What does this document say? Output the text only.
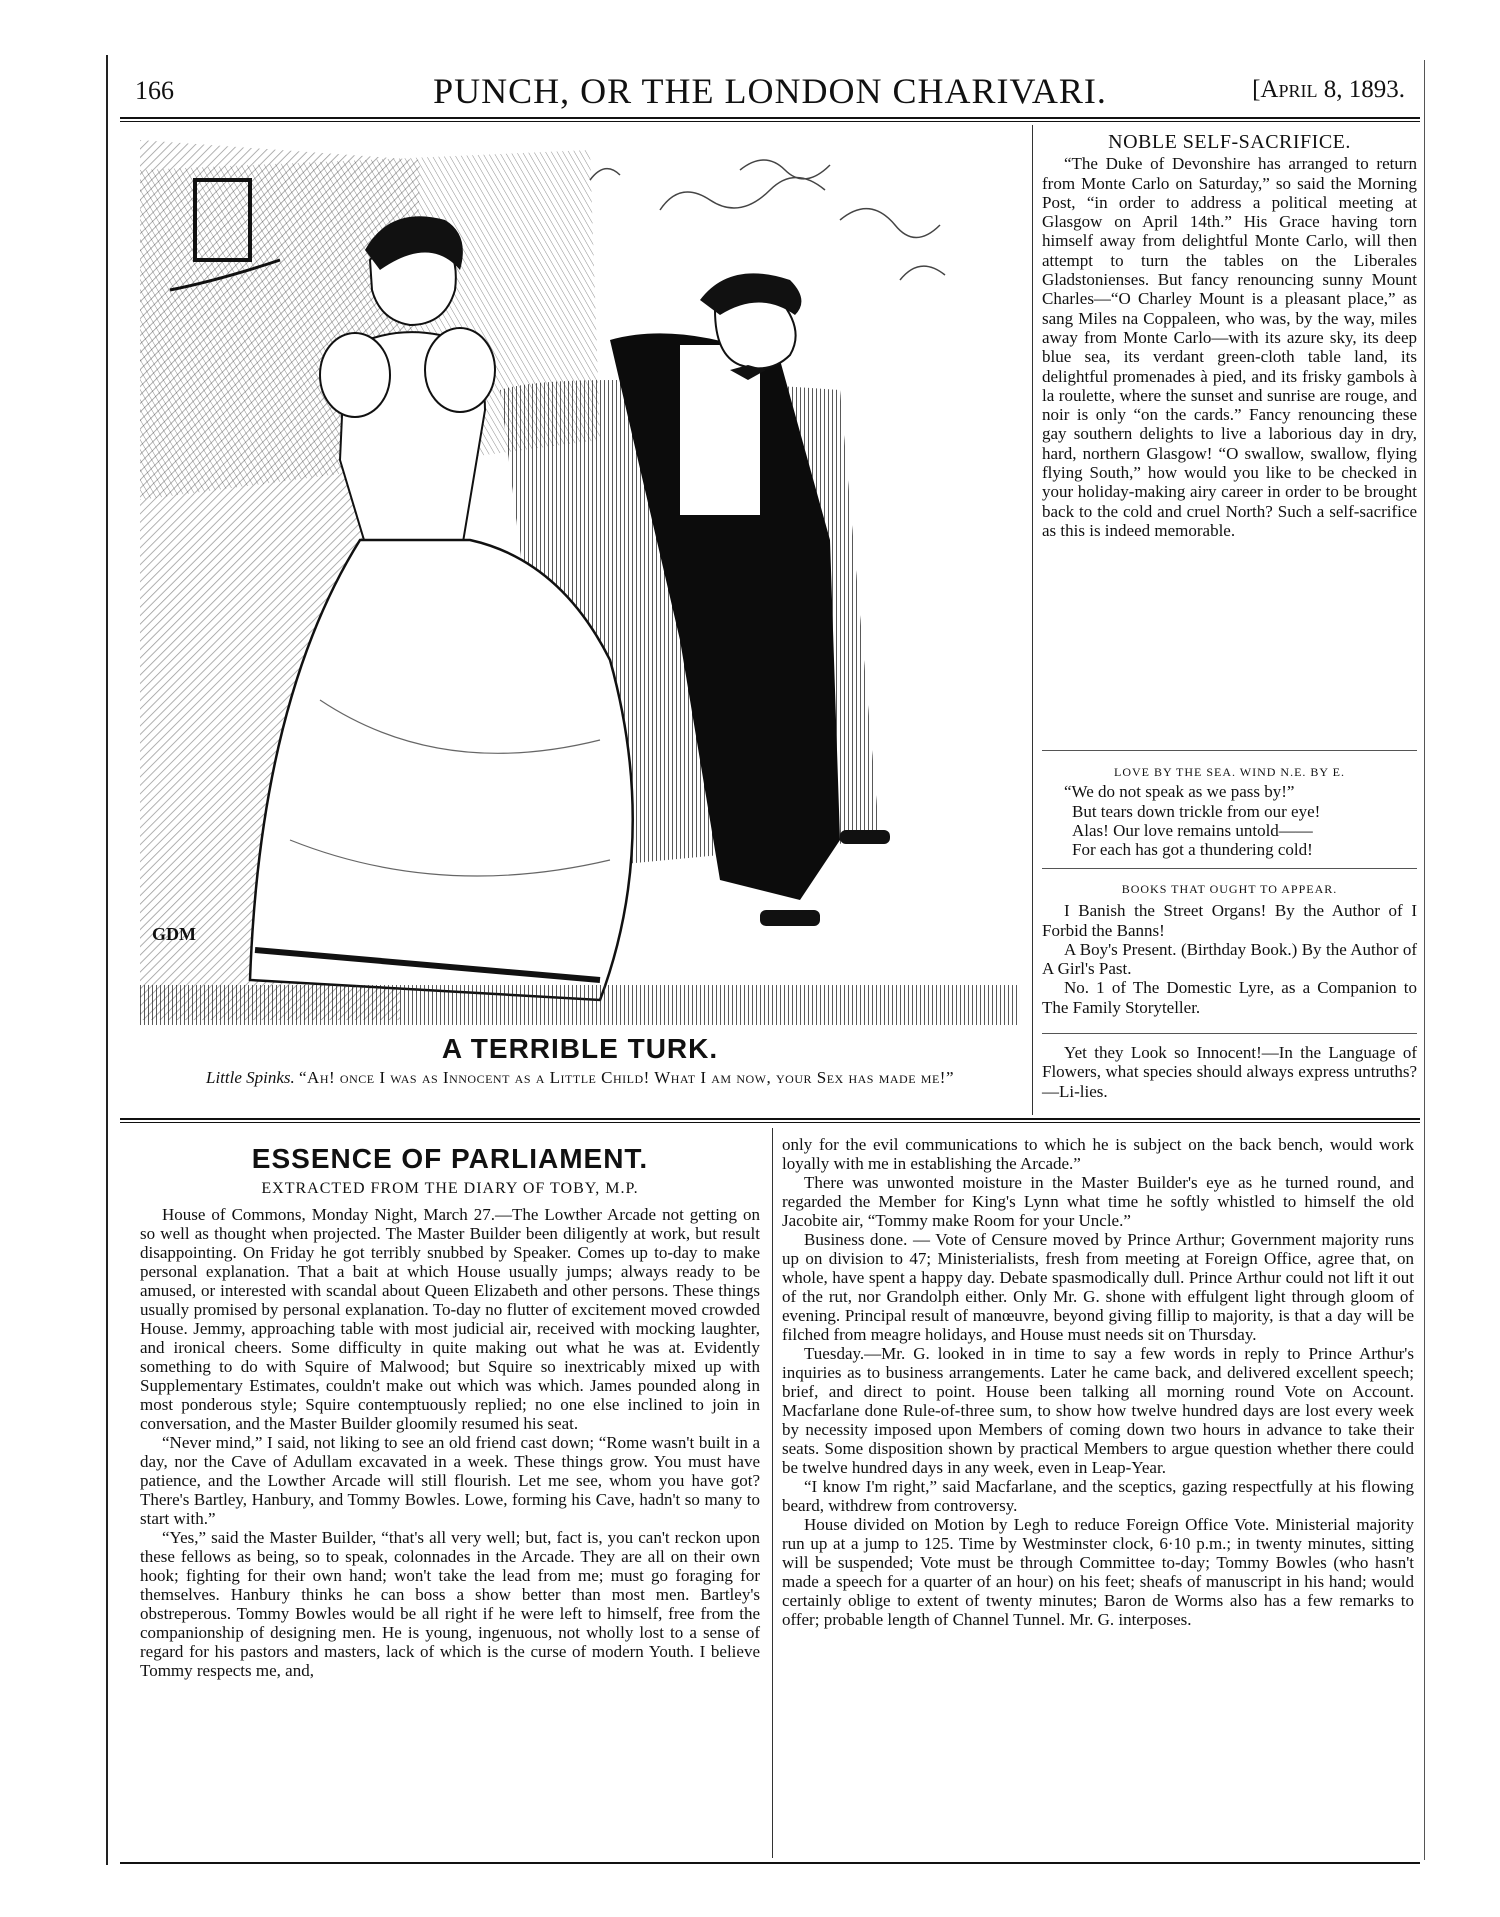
166	PUNCH, OR THE LONDON CHARIVARI.	[April 8, 1893.
GDM
A TERRIBLE TURK.
Little Spinks. “Ah! once I was as Innocent as a Little Child! What I am now, your Sex has made me!”
NOBLE SELF-SACRIFICE.
“The Duke of Devonshire has arranged to return from Monte Carlo on Saturday,” so said the Morning Post, “in order to address a political meeting at Glasgow on April 14th.” His Grace having torn himself away from delightful Monte Carlo, will then attempt to turn the tables on the Liberales Gladstonienses. But fancy renouncing sunny Mount Charles—“O Charley Mount is a pleasant place,” as sang Miles na Coppaleen, who was, by the way, miles away from Monte Carlo—with its azure sky, its deep blue sea, its verdant green-cloth table land, its delightful promenades à pied, and its frisky gambols à la roulette, where the sunset and sunrise are rouge, and noir is only “on the cards.” Fancy renouncing these gay southern delights to live a laborious day in dry, hard, northern Glasgow! “O swallow, swallow, flying flying South,” how would you like to be checked in your holiday-making airy career in order to be brought back to the cold and cruel North? Such a self-sacrifice as this is indeed memorable.
LOVE BY THE SEA. WIND N.E. BY E.

“We do not speak as we pass by!”

But tears down trickle from our eye!

Alas! Our love remains untold——

For each has got a thundering cold!

BOOKS THAT OUGHT TO APPEAR.
I Banish the Street Organs! By the Author of I Forbid the Banns!
A Boy's Present. (Birthday Book.) By the Author of A Girl's Past.
No. 1 of The Domestic Lyre, as a Companion to The Family Storyteller.
Yet they Look so Innocent!—In the Language of Flowers, what species should always express untruths?—Li-lies.
ESSENCE OF PARLIAMENT.
EXTRACTED FROM THE DIARY OF TOBY, M.P.

House of Commons, Monday Night, March 27.—The Lowther Arcade not getting on so well as thought when projected. The Master Builder been diligently at work, but result disappointing. On Friday he got terribly snubbed by Speaker. Comes up to-day to make personal explanation. That a bait at which House usually jumps; always ready to be amused, or interested with scandal about Queen Elizabeth and other persons. These things usually promised by personal explanation. To-day no flutter of excitement moved crowded House. Jemmy, approaching table with most judicial air, received with mocking laughter, and ironical cheers. Some difficulty in quite making out what he was at. Evidently something to do with Squire of Malwood; but Squire so inextricably mixed up with Supplementary Estimates, couldn't make out which was which. James pounded along in most ponderous style; Squire contemptuously replied; no one else inclined to join in conversation, and the Master Builder gloomily resumed his seat.

“Never mind,” I said, not liking to see an old friend cast down; “Rome wasn't built in a day, nor the Cave of Adullam excavated in a week. These things grow. You must have patience, and the Lowther Arcade will still flourish. Let me see, whom you have got? There's Bartley, Hanbury, and Tommy Bowles. Lowe, forming his Cave, hadn't so many to start with.”

“Yes,” said the Master Builder, “that's all very well; but, fact is, you can't reckon upon these fellows as being, so to speak, colonnades in the Arcade. They are all on their own hook; fighting for their own hand; won't take the lead from me; must go foraging for themselves. Hanbury thinks he can boss a show better than most men. Bartley's obstreperous. Tommy Bowles would be all right if he were left to himself, free from the companionship of designing men. He is young, ingenuous, not wholly lost to a sense of regard for his pastors and masters, lack of which is the curse of modern Youth. I believe Tommy respects me, and,

only for the evil communications to which he is subject on the back bench, would work loyally with me in establishing the Arcade.”

There was unwonted moisture in the Master Builder's eye as he turned round, and regarded the Member for King's Lynn what time he softly whistled to himself the old Jacobite air, “Tommy make Room for your Uncle.”

Business done. — Vote of Censure moved by Prince Arthur; Government majority runs up on division to 47; Ministerialists, fresh from meeting at Foreign Office, agree that, on whole, have spent a happy day. Debate spasmodically dull. Prince Arthur could not lift it out of the rut, nor Grandolph either. Only Mr. G. shone with effulgent light through gloom of evening. Principal result of manœuvre, beyond giving fillip to majority, is that a day will be filched from meagre holidays, and House must needs sit on Thursday.

Tuesday.—Mr. G. looked in in time to say a few words in reply to Prince Arthur's inquiries as to business arrangements. Later he came back, and delivered excellent speech; brief, and direct to point. House been talking all morning round Vote on Account. Macfarlane done Rule-of-three sum, to show how twelve hundred days are lost every week by necessity imposed upon Members of coming down two hours in advance to take their seats. Some disposition shown by practical Members to argue question whether there could be twelve hundred days in any week, even in Leap-Year.

“I know I'm right,” said Macfarlane, and the sceptics, gazing respectfully at his flowing beard, withdrew from controversy.

House divided on Motion by Legh to reduce Foreign Office Vote. Ministerial majority run up at a jump to 125. Time by Westminster clock, 6·10 p.m.; in twenty minutes, sitting will be suspended; Vote must be through Committee to-day; Tommy Bowles (who hasn't made a speech for a quarter of an hour) on his feet; sheafs of manuscript in his hand; would certainly oblige to extent of twenty minutes; Baron de Worms also has a few remarks to offer; probable length of Channel Tunnel. Mr. G. interposes.
